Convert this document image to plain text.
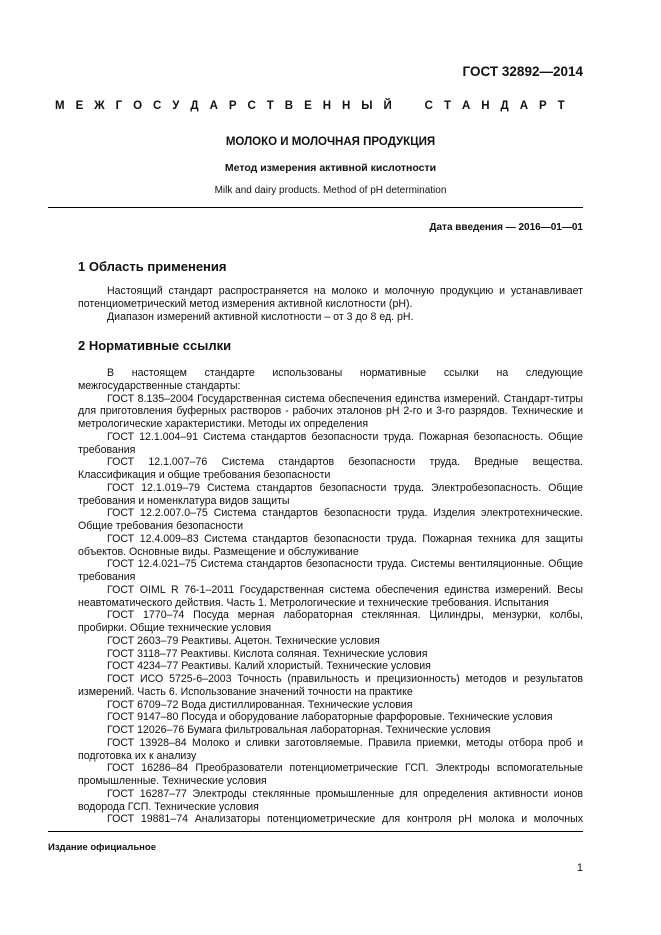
ГОСТ 32892—2014
М Е Ж Г О С У Д А Р С Т В Е Н Н Ы Й	С Т А Н Д А Р Т
МОЛОКО И МОЛОЧНАЯ ПРОДУКЦИЯ
Метод измерения активной кислотности
Milk and dairy products. Method of pH determination
Дата введения — 2016—01—01
1 Область применения

Настоящий стандарт распространяется на молоко и молочную продукцию и устанавливает потенциометрический метод измерения активной кислотности (рН).

Диапазон измерений активной кислотности – от 3 до 8 ед. рН.

2 Нормативные ссылки

В настоящем стандарте использованы нормативные ссылки на следующие межгосударственные стандарты:

ГОСТ 8.135–2004 Государственная система обеспечения единства измерений. Стандарт-титры для приготовления буферных растворов - рабочих эталонов рН 2-го и 3-го разрядов. Технические и метрологические характеристики. Методы их определения

ГОСТ 12.1.004–91 Система стандартов безопасности труда. Пожарная безопасность. Общие требования

ГОСТ 12.1.007–76 Система стандартов безопасности труда. Вредные вещества. Классификация и общие требования безопасности

ГОСТ 12.1.019–79 Система стандартов безопасности труда. Электробезопасность. Общие требования и номенклатура видов защиты

ГОСТ 12.2.007.0–75 Система стандартов безопасности труда. Изделия электротехнические. Общие требования безопасности

ГОСТ 12.4.009–83 Система стандартов безопасности труда. Пожарная техника для защиты объектов. Основные виды. Размещение и обслуживание

ГОСТ 12.4.021–75 Система стандартов безопасности труда. Системы вентиляционные. Общие требования

ГОСТ OIML R 76-1–2011 Государственная система обеспечения единства измерений. Весы неавтоматического действия. Часть 1. Метрологические и технические требования. Испытания

ГОСТ 1770–74 Посуда мерная лабораторная стеклянная. Цилиндры, мензурки, колбы, пробирки. Общие технические условия

ГОСТ 2603–79 Реактивы. Ацетон. Технические условия

ГОСТ 3118–77 Реактивы. Кислота соляная. Технические условия

ГОСТ 4234–77 Реактивы. Калий хлористый. Технические условия

ГОСТ ИСО 5725-6–2003 Точность (правильность и прецизионность) методов и результатов измерений. Часть 6. Использование значений точности на практике

ГОСТ 6709–72 Вода дистиллированная. Технические условия

ГОСТ 9147–80 Посуда и оборудование лабораторные фарфоровые. Технические условия

ГОСТ 12026–76 Бумага фильтровальная лабораторная. Технические условия

ГОСТ 13928–84 Молоко и сливки заготовляемые. Правила приемки, методы отбора проб и подготовка их к анализу

ГОСТ 16286–84 Преобразователи потенциометрические ГСП. Электроды вспомогательные промышленные. Технические условия

ГОСТ 16287–77 Электроды стеклянные промышленные для определения активности ионов водорода ГСП. Технические условия

ГОСТ 19881–74 Анализаторы потенциометрические для контроля рН молока и молочных

Издание официальное
1
